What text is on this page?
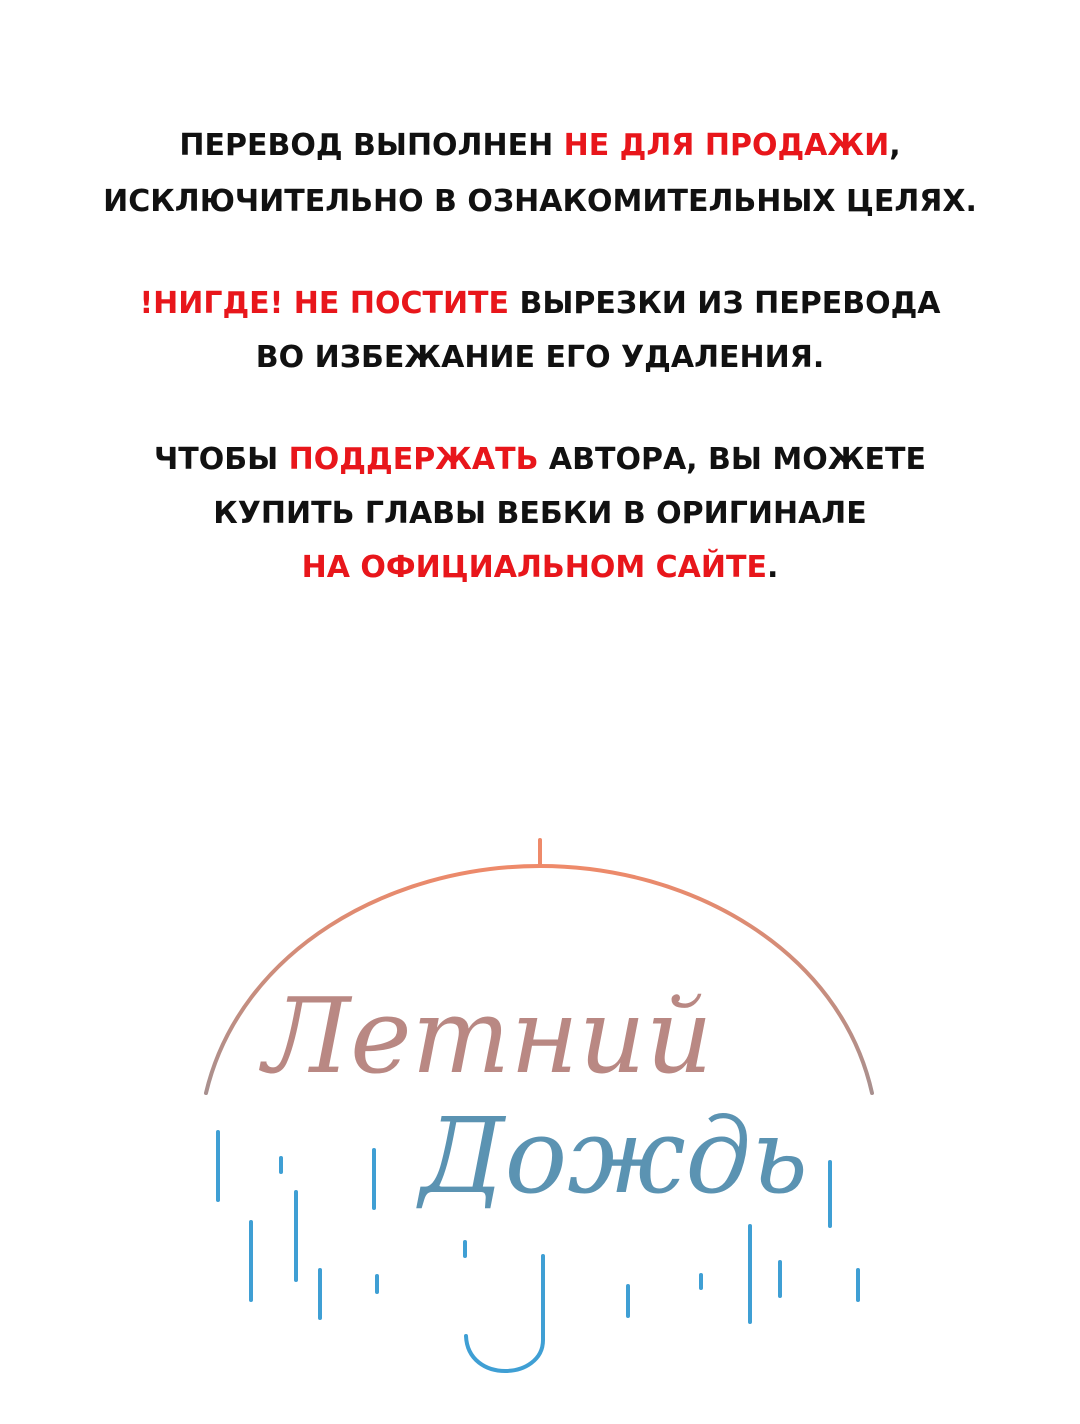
ПЕРЕВОД ВЫПОЛНЕН НЕ ДЛЯ ПРОДАЖИ,
ИСКЛЮЧИТЕЛЬНО В ОЗНАКОМИТЕЛЬНЫХ ЦЕЛЯХ.
!НИГДЕ! НЕ ПОСТИТЕ ВЫРЕЗКИ ИЗ ПЕРЕВОДА
ВО ИЗБЕЖАНИЕ ЕГО УДАЛЕНИЯ.
ЧТОБЫ ПОДДЕРЖАТЬ АВТОРА, ВЫ МОЖЕТЕ
КУПИТЬ ГЛАВЫ ВЕБКИ В ОРИГИНАЛЕ
НА ОФИЦИАЛЬНОМ САЙТЕ.
Летний
Дождь
